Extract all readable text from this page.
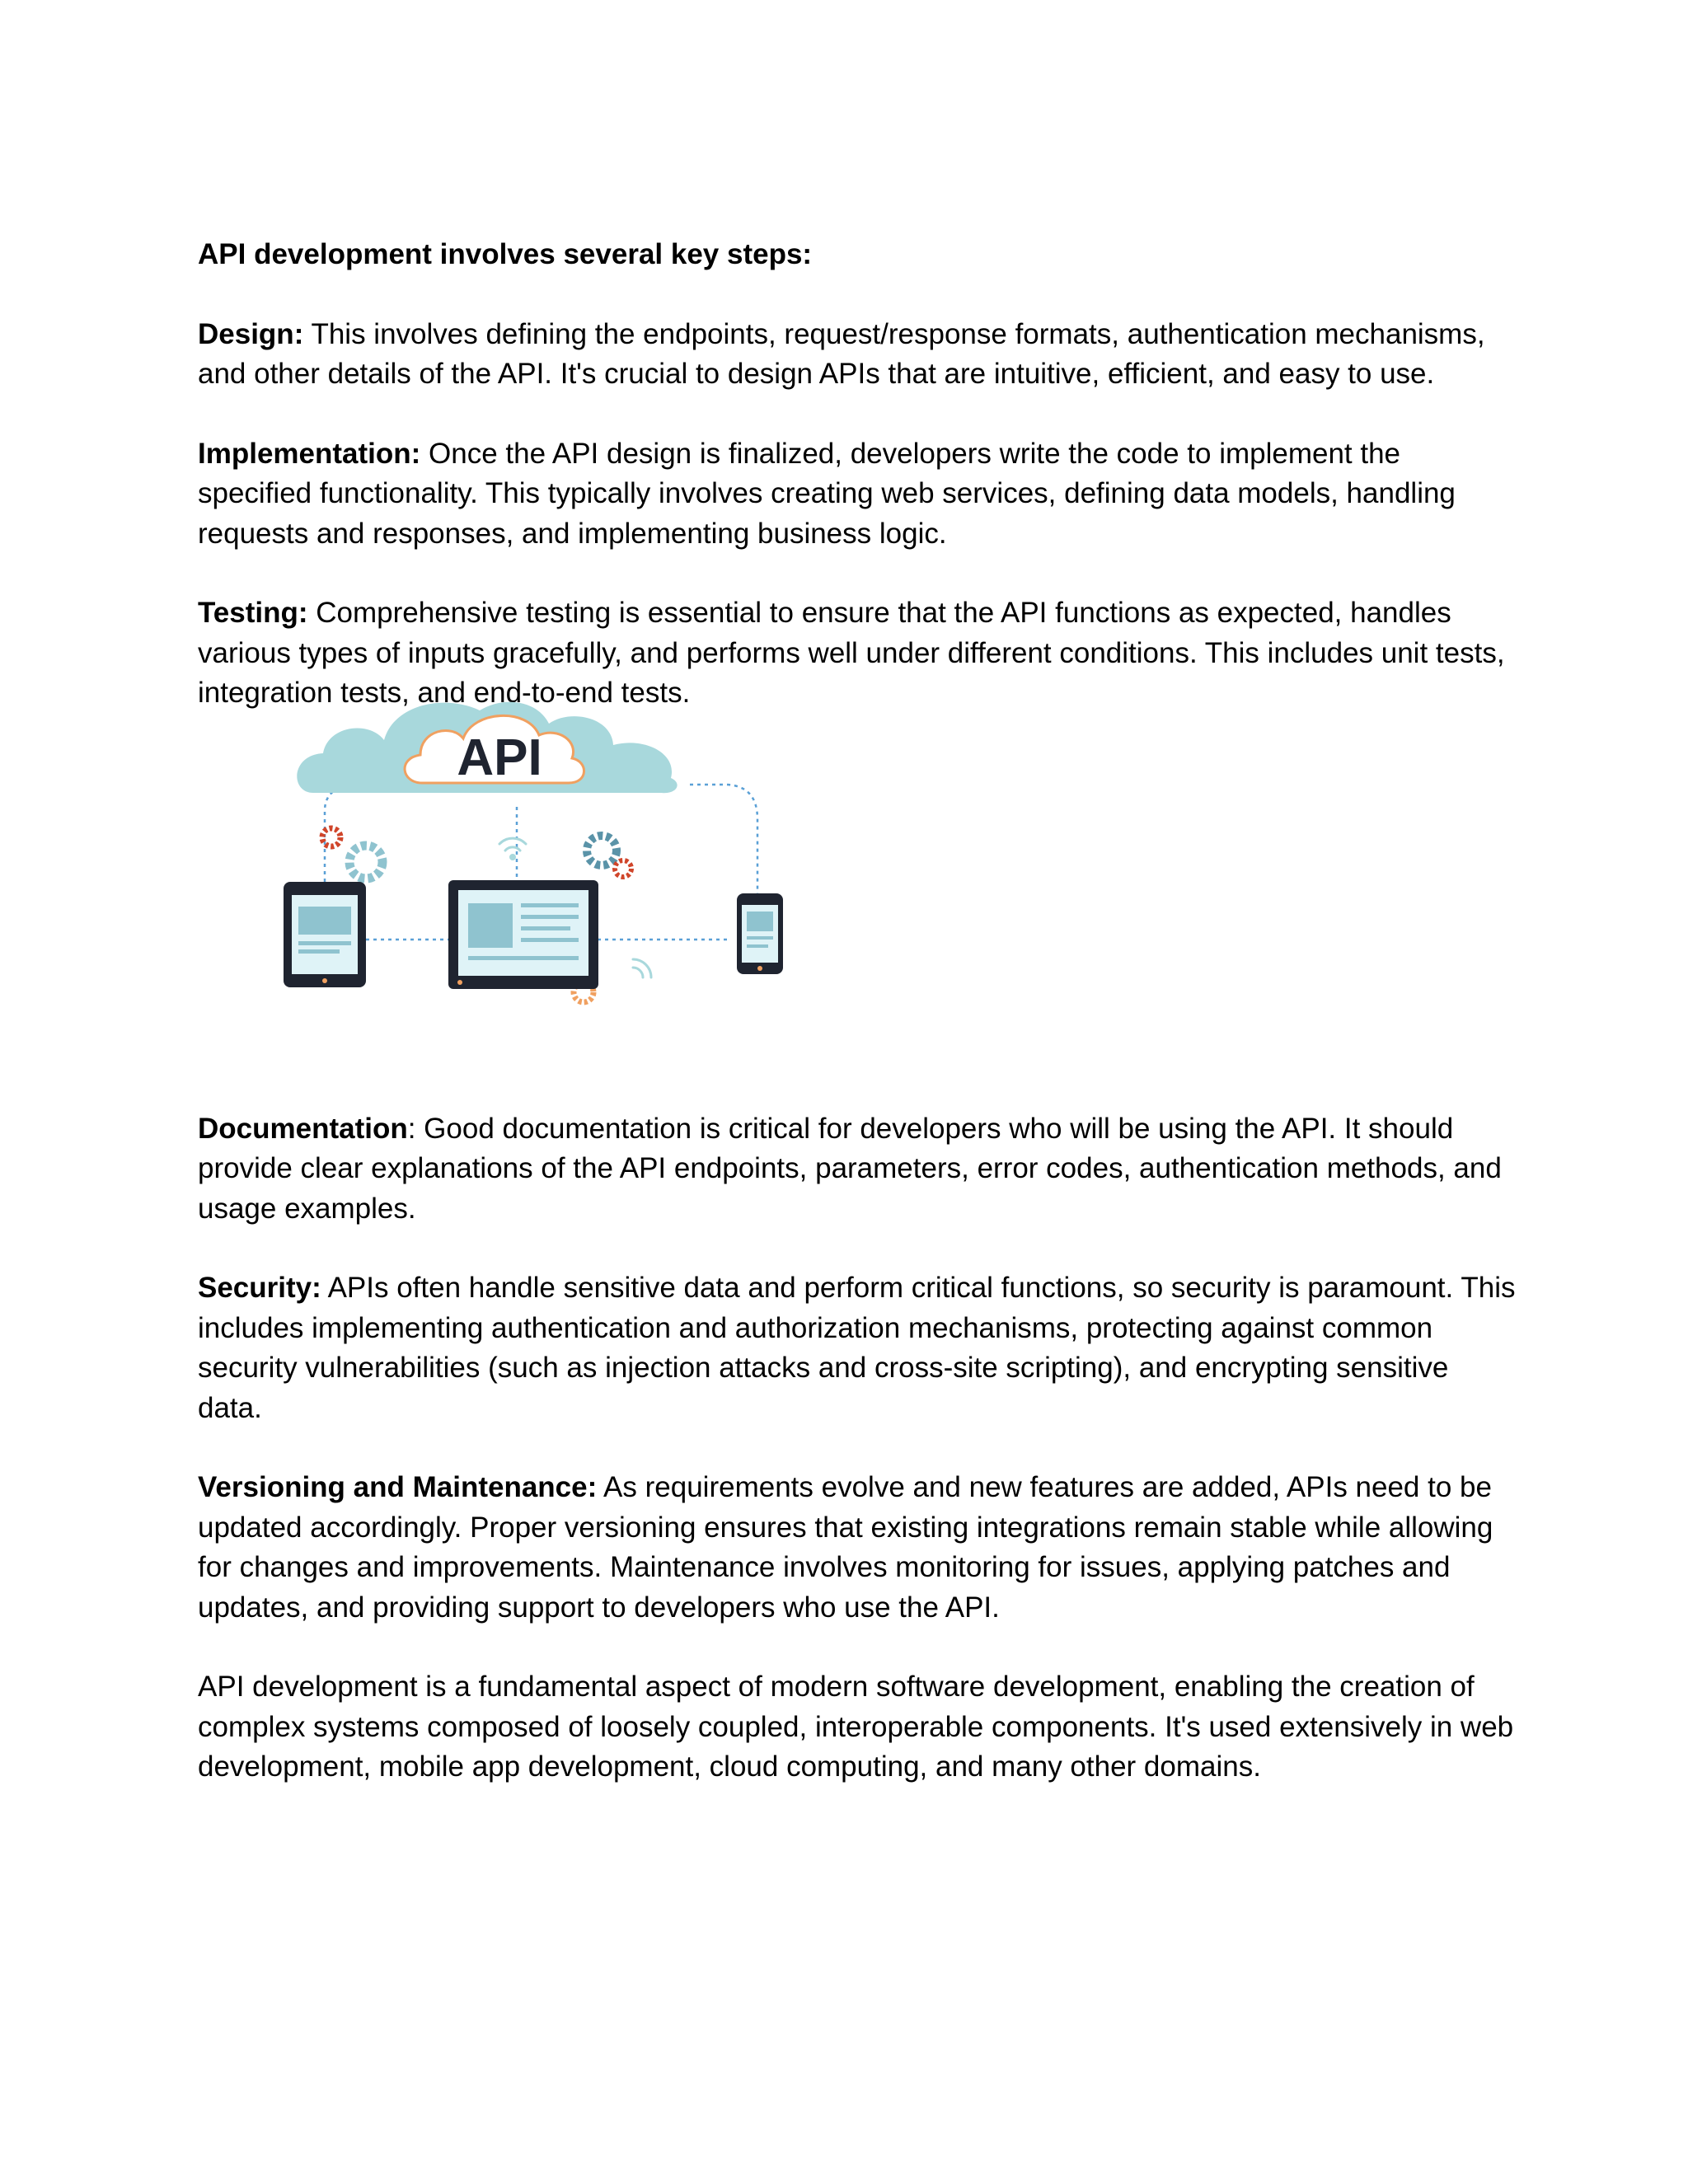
API development involves several key steps:

Design: This involves defining the endpoints, request/response formats, authentication mechanisms, and other details of the API. It's crucial to design APIs that are intuitive, efficient, and easy to use.

Implementation: Once the API design is finalized, developers write the code to implement the specified functionality. This typically involves creating web services, defining data models, handling requests and responses, and implementing business logic.

Testing: Comprehensive testing is essential to ensure that the API functions as expected, handles various types of inputs gracefully, and performs well under different conditions. This includes unit tests, integration tests, and end-to-end tests.

API

Documentation: Good documentation is critical for developers who will be using the API. It should provide clear explanations of the API endpoints, parameters, error codes, authentication methods, and usage examples.

Security: APIs often handle sensitive data and perform critical functions, so security is paramount. This includes implementing authentication and authorization mechanisms, protecting against common security vulnerabilities (such as injection attacks and cross-site scripting), and encrypting sensitive data.

Versioning and Maintenance: As requirements evolve and new features are added, APIs need to be updated accordingly. Proper versioning ensures that existing integrations remain stable while allowing for changes and improvements. Maintenance involves monitoring for issues, applying patches and updates, and providing support to developers who use the API.

API development is a fundamental aspect of modern software development, enabling the creation of complex systems composed of loosely coupled, interoperable components. It's used extensively in web development, mobile app development, cloud computing, and many other domains.
